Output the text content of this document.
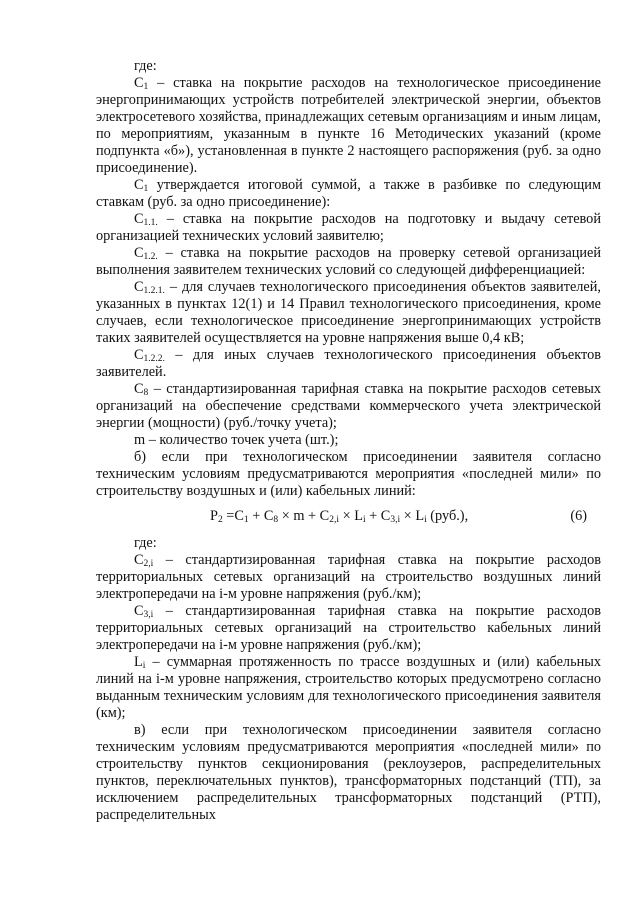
где:

$С_1$ – ставка на покрытие расходов на технологическое присоединение энергопринимающих устройств потребителей электрической энергии, объектов электросетевого хозяйства, принадлежащих сетевым организациям и иным лицам, по мероприятиям, указанным в пункте 16 Методических указаний (кроме подпункта «б»), установленная в пункте 2 настоящего распоряжения (руб. за одно присоединение).

$С_1$ утверждается итоговой суммой, а также в разбивке по следующим ставкам (руб. за одно присоединение):

$С_{1.1.}$ – ставка на покрытие расходов на подготовку и выдачу сетевой организацией технических условий заявителю;

$С_{1.2.}$ – ставка на покрытие расходов на проверку сетевой организацией выполнения заявителем технических условий со следующей дифференциацией:

$С_{1.2.1.}$ – для случаев технологического присоединения объектов заявителей, указанных в пунктах 12(1) и 14 Правил технологического присоединения, кроме случаев, если технологическое присоединение энергопринимающих устройств таких заявителей осуществляется на уровне напряжения выше 0,4 кВ;

$С_{1.2.2.}$ – для иных случаев технологического присоединения объектов заявителей.

$С_8$ – стандартизированная тарифная ставка на покрытие расходов сетевых организаций на обеспечение средствами коммерческого учета электрической энергии (мощности) (руб./точку учета);

m – количество точек учета (шт.);

б) если при технологическом присоединении заявителя согласно техническим условиям предусматриваются мероприятия «последней мили» по строительству воздушных и (или) кабельных линий:

$P_2 =С_1 + С_8 \times m + С_{2,i} \times L_i + С_{3,i} \times L_i$ (руб.),	(6)

где:

$С_{2,i}$ – стандартизированная тарифная ставка на покрытие расходов территориальных сетевых организаций на строительство воздушных линий электропередачи на i-м уровне напряжения (руб./км);

$С_{3,i}$ – стандартизированная тарифная ставка на покрытие расходов территориальных сетевых организаций на строительство кабельных линий электропередачи на i-м уровне напряжения (руб./км);

$L_i$ – суммарная протяженность по трассе воздушных и (или) кабельных линий на i-м уровне напряжения, строительство которых предусмотрено согласно выданным техническим условиям для технологического присоединения заявителя (км);

в) если при технологическом присоединении заявителя согласно техническим условиям предусматриваются мероприятия «последней мили» по строительству пунктов секционирования (реклоузеров, распределительных пунктов, переключательных пунктов), трансформаторных подстанций (ТП), за исключением распределительных трансформаторных подстанций (РТП), распределительных
